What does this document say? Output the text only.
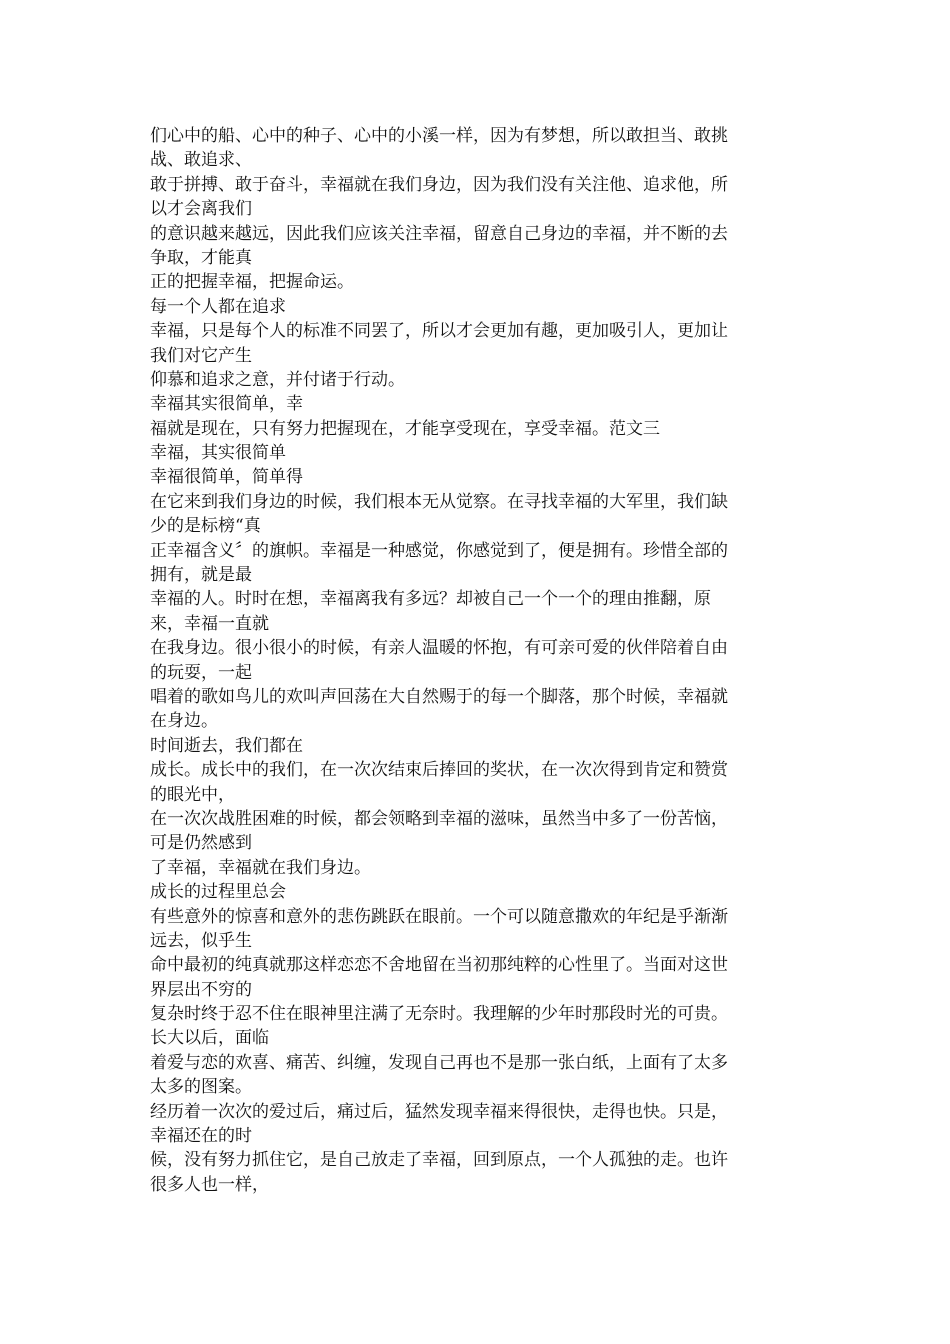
们心中的船、心中的种子、心中的小溪一样，因为有梦想，所以敢担当、敢挑
战、敢追求、
敢于拼搏、敢于奋斗，幸福就在我们身边，因为我们没有关注他、追求他，所
以才会离我们
的意识越来越远，因此我们应该关注幸福，留意自己身边的幸福，并不断的去
争取，才能真
正的把握幸福，把握命运。
每一个人都在追求
幸福，只是每个人的标准不同罢了，所以才会更加有趣，更加吸引人，更加让
我们对它产生
仰慕和追求之意，并付诸于行动。
幸福其实很简单，幸
福就是现在，只有努力把握现在，才能享受现在，享受幸福。范文三
幸福，其实很简单
幸福很简单，简单得
在它来到我们身边的时候，我们根本无从觉察。在寻找幸福的大军里，我们缺
少的是标榜“真
正幸福含义〞的旗帜。幸福是一种感觉，你感觉到了，便是拥有。珍惜全部的
拥有，就是最
幸福的人。时时在想，幸福离我有多远？却被自己一个一个的理由推翻，原
来，幸福一直就
在我身边。很小很小的时候，有亲人温暖的怀抱，有可亲可爱的伙伴陪着自由
的玩耍，一起
唱着的歌如鸟儿的欢叫声回荡在大自然赐于的每一个脚落，那个时候，幸福就
在身边。
时间逝去，我们都在
成长。成长中的我们，在一次次结束后捧回的奖状，在一次次得到肯定和赞赏
的眼光中，
在一次次战胜困难的时候，都会领略到幸福的滋味，虽然当中多了一份苦恼，
可是仍然感到
了幸福，幸福就在我们身边。
成长的过程里总会
有些意外的惊喜和意外的悲伤跳跃在眼前。一个可以随意撒欢的年纪是乎渐渐
远去，似乎生
命中最初的纯真就那这样恋恋不舍地留在当初那纯粹的心性里了。当面对这世
界层出不穷的
复杂时终于忍不住在眼神里注满了无奈时。我理解的少年时那段时光的可贵。
长大以后，面临
着爱与恋的欢喜、痛苦、纠缠，发现自己再也不是那一张白纸，上面有了太多
太多的图案。
经历着一次次的爱过后，痛过后，猛然发现幸福来得很快，走得也快。只是，
幸福还在的时
候，没有努力抓住它，是自己放走了幸福，回到原点，一个人孤独的走。也许
很多人也一样，
